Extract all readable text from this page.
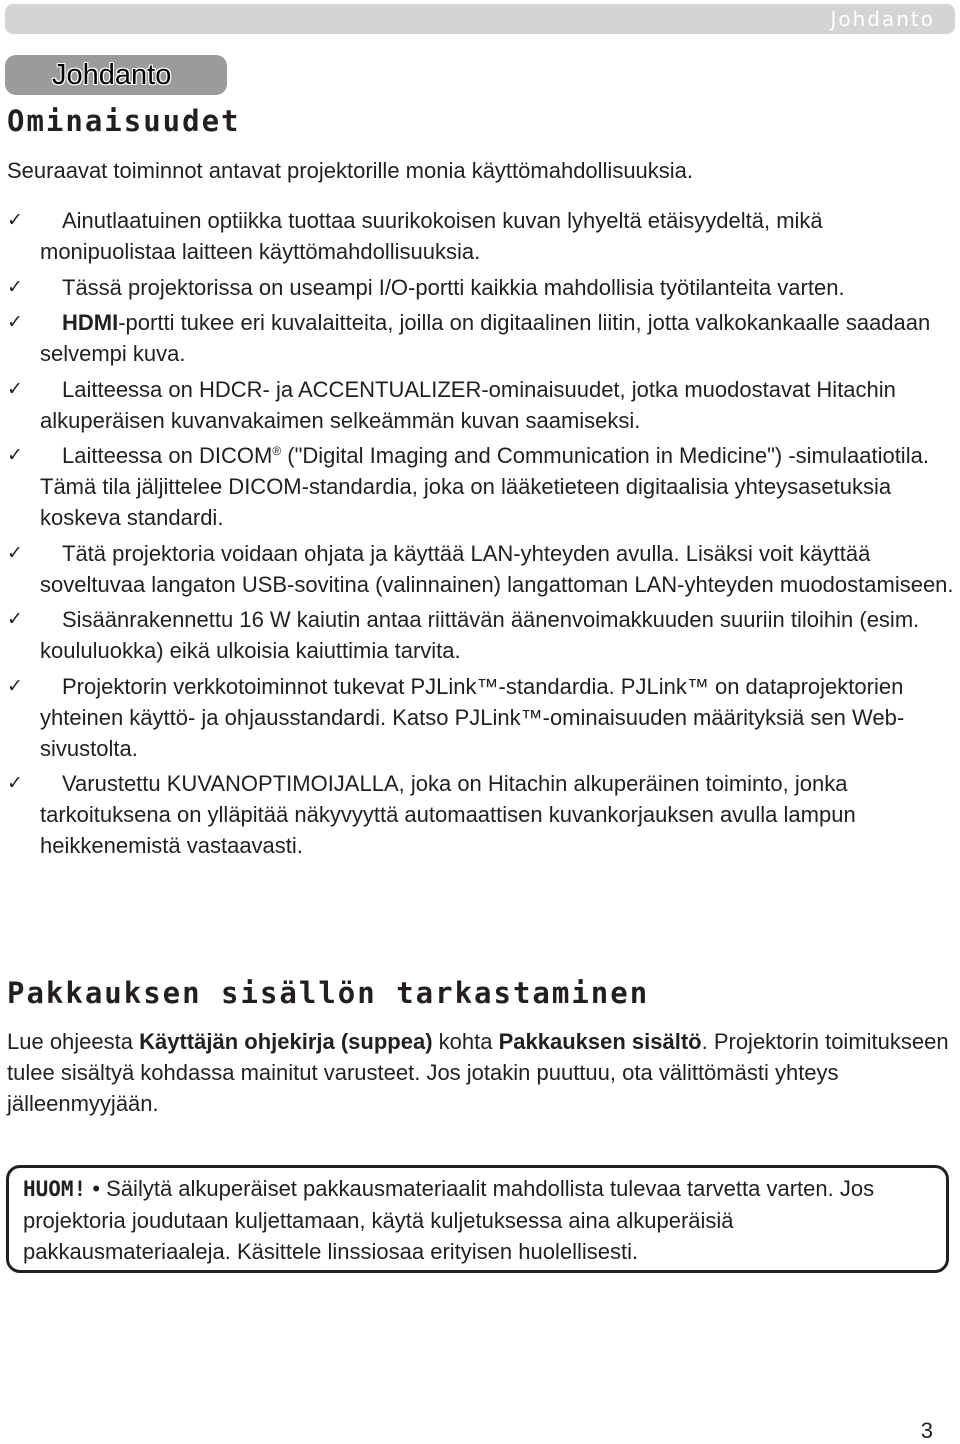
Johdanto
Johdanto
Ominaisuudet

Seuraavat toiminnot antavat projektorille monia käyttömahdollisuuksia.

✓	Ainutlaatuinen optiikka tuottaa suurikokoisen kuvan lyhyeltä etäisyydeltä, mikä monipuolistaa laitteen käyttömahdollisuuksia.
✓	Tässä projektorissa on useampi I/O-portti kaikkia mahdollisia työtilanteita varten.
✓	HDMI-portti tukee eri kuvalaitteita, joilla on digitaalinen liitin, jotta valkokankaalle saadaan selvempi kuva.
✓	Laitteessa on HDCR- ja ACCENTUALIZER-ominaisuudet, jotka muodostavat Hitachin alkuperäisen kuvanvakaimen selkeämmän kuvan saamiseksi.
✓	Laitteessa on DICOM® ("Digital Imaging and Communication in Medicine") -simulaatiotila. Tämä tila jäljittelee DICOM-standardia, joka on lääketieteen digitaalisia yhteysasetuksia koskeva standardi.
✓	Tätä projektoria voidaan ohjata ja käyttää LAN-yhteyden avulla. Lisäksi voit käyttää soveltuvaa langaton USB-sovitina (valinnainen) langattoman LAN-yhteyden muodostamiseen.
✓	Sisäänrakennettu 16 W kaiutin antaa riittävän äänenvoimakkuuden suuriin tiloihin (esim. koululuokka) eikä ulkoisia kaiuttimia tarvita.
✓	Projektorin verkkotoiminnot tukevat PJLink™-standardia. PJLink™ on dataprojektorien yhteinen käyttö- ja ohjausstandardi. Katso PJLink™-ominaisuuden määrityksiä sen Web-sivustolta.
✓	Varustettu KUVANOPTIMOIJALLA, joka on Hitachin alkuperäinen toiminto, jonka tarkoituksena on ylläpitää näkyvyyttä automaattisen kuvankorjauksen avulla lampun heikkenemistä vastaavasti.
Pakkauksen sisällön tarkastaminen

Lue ohjeesta Käyttäjän ohjekirja (suppea) kohta Pakkauksen sisältö. Projektorin toimitukseen tulee sisältyä kohdassa mainitut varusteet. Jos jotakin puuttuu, ota välittömästi yhteys jälleenmyyjään.

HUOM! • Säilytä alkuperäiset pakkausmateriaalit mahdollista tulevaa tarvetta varten. Jos projektoria joudutaan kuljettamaan, käytä kuljetuksessa aina alkuperäisiä pakkausmateriaaleja. Käsittele linssiosaa erityisen huolellisesti.
3
